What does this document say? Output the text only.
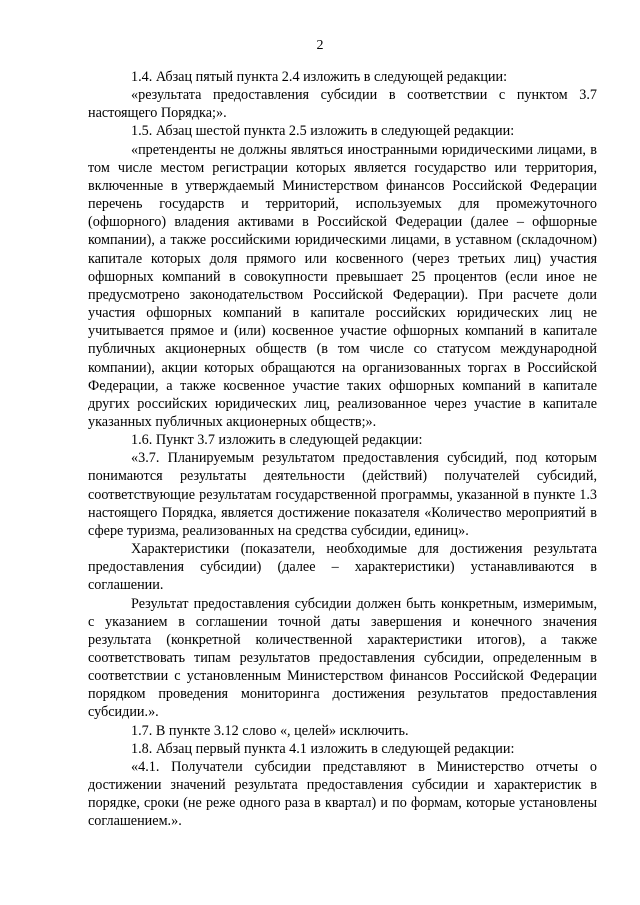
2

1.4. Абзац пятый пункта 2.4 изложить в следующей редакции:

«результата предоставления субсидии в соответствии с пунктом 3.7 настоящего Порядка;».

1.5. Абзац шестой пункта 2.5 изложить в следующей редакции:

«претенденты не должны являться иностранными юридическими лицами, в том числе местом регистрации которых является государство или территория, включенные в утверждаемый Министерством финансов Российской Федерации перечень государств и территорий, используемых для промежуточного (офшорного) владения активами в Российской Федерации (далее – офшорные компании), а также российскими юридическими лицами, в уставном (складочном) капитале которых доля прямого или косвенного (через третьих лиц) участия офшорных компаний в совокупности превышает 25 процентов (если иное не предусмотрено законодательством Российской Федерации). При расчете доли участия офшорных компаний в капитале российских юридических лиц не учитывается прямое и (или) косвенное участие офшорных компаний в капитале публичных акционерных обществ (в том числе со статусом международной компании), акции которых обращаются на организованных торгах в Российской Федерации, а также косвенное участие таких офшорных компаний в капитале других российских юридических лиц, реализованное через участие в капитале указанных публичных акционерных обществ;».

1.6. Пункт 3.7 изложить в следующей редакции:

«3.7. Планируемым результатом предоставления субсидий, под которым понимаются результаты деятельности (действий) получателей субсидий, соответствующие результатам государственной программы, указанной в пункте 1.3 настоящего Порядка, является достижение показателя «Количество мероприятий в сфере туризма, реализованных на средства субсидии, единиц».

Характеристики (показатели, необходимые для достижения результата предоставления субсидии) (далее – характеристики) устанавливаются в соглашении.

Результат предоставления субсидии должен быть конкретным, измеримым, с указанием в соглашении точной даты завершения и конечного значения результата (конкретной количественной характеристики итогов), а также соответствовать типам результатов предоставления субсидии, определенным в соответствии с установленным Министерством финансов Российской Федерации порядком проведения мониторинга достижения результатов предоставления субсидии.».

1.7. В пункте 3.12 слово «, целей» исключить.

1.8. Абзац первый пункта 4.1 изложить в следующей редакции:

«4.1. Получатели субсидии представляют в Министерство отчеты о достижении значений результата предоставления субсидии и характеристик в порядке, сроки (не реже одного раза в квартал) и по формам, которые установлены соглашением.».
